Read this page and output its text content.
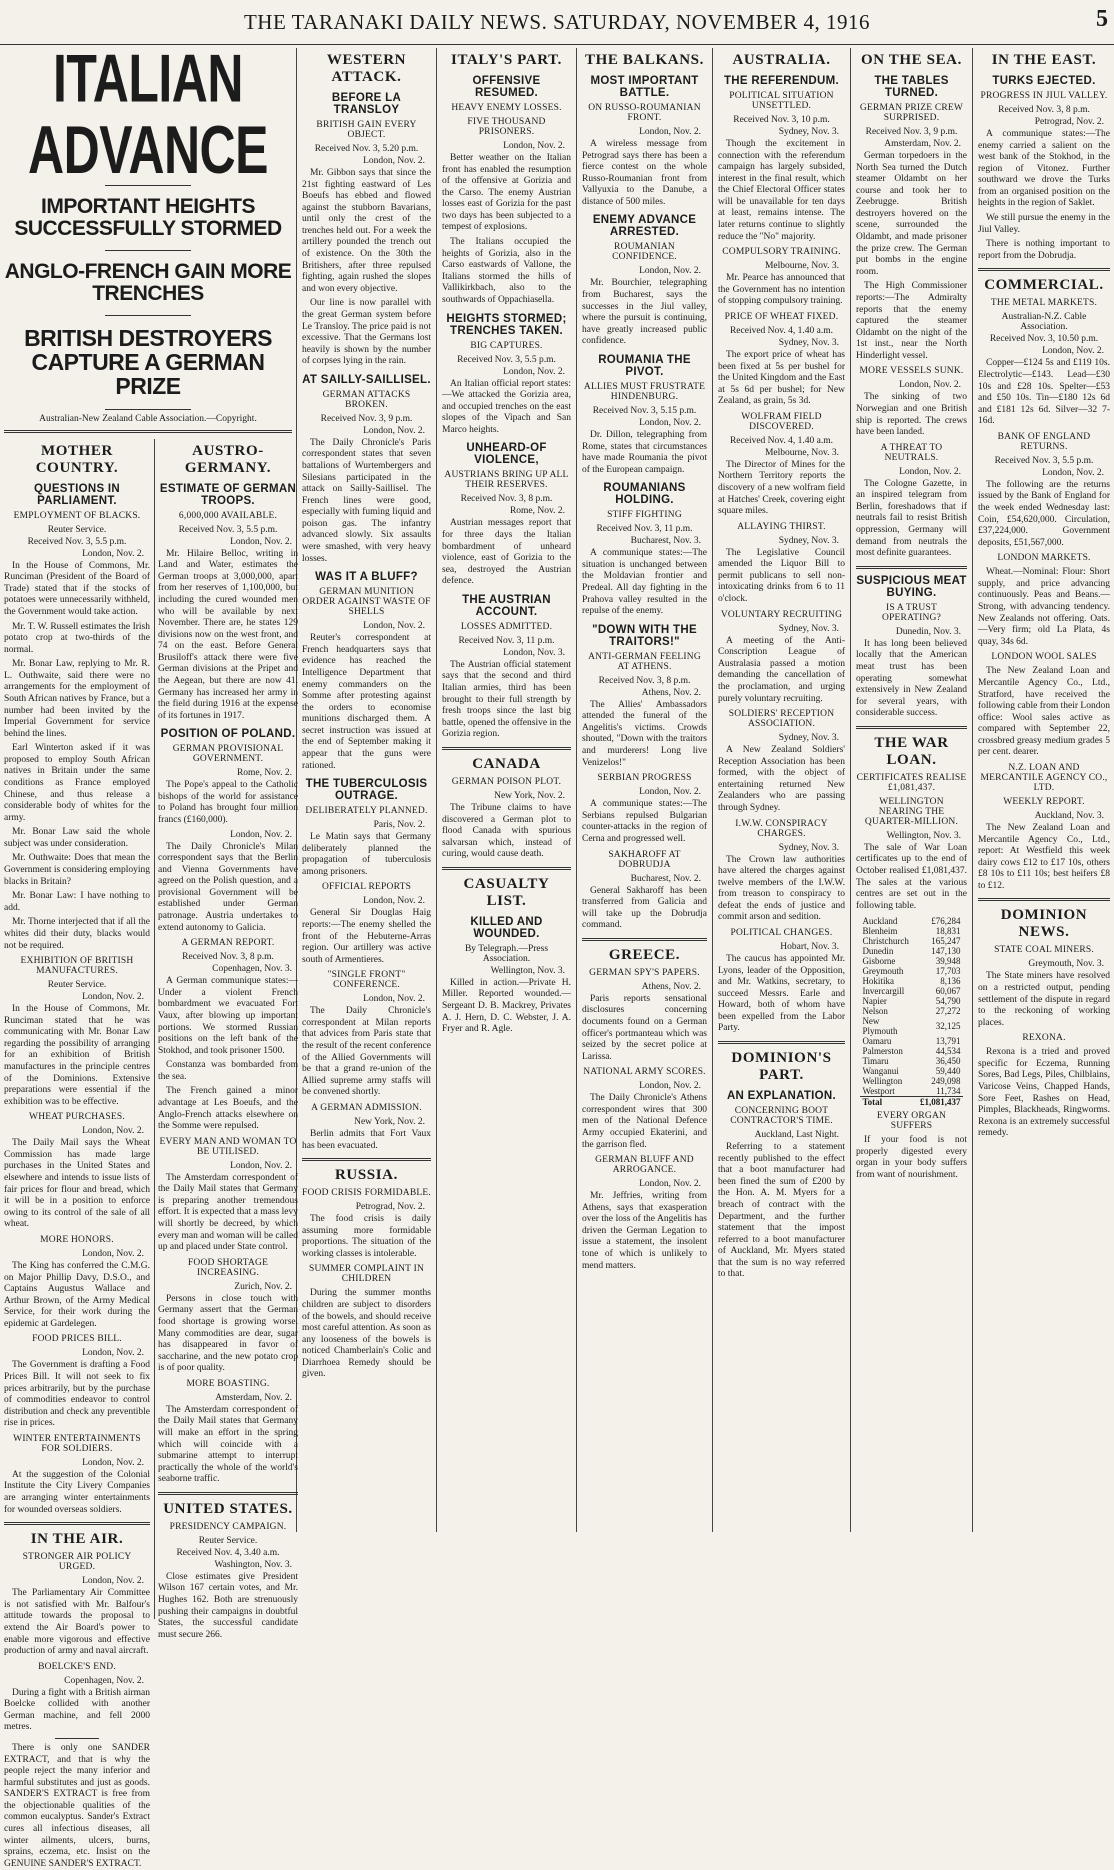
THE TARANAKI DAILY NEWS. SATURDAY, NOVEMBER 4, 1916	5
ITALIAN ADVANCE
IMPORTANT HEIGHTS SUCCESSFULLY STORMED
ANGLO-FRENCH GAIN MORE TRENCHES
BRITISH DESTROYERS CAPTURE A GERMAN PRIZE
Australian-New Zealand Cable Association.—Copyright.
MOTHER COUNTRY.
QUESTIONS IN PARLIAMENT.
EMPLOYMENT OF BLACKS.
Reuter Service.
Received Nov. 3, 5.5 p.m.
London, Nov. 2.

In the House of Commons, Mr. Runciman (President of the Board of Trade) stated that if the stocks of potatoes were unnecessarily withheld, the Government would take action.

Mr. T. W. Russell estimates the Irish potato crop at two-thirds of the normal.

Mr. Bonar Law, replying to Mr. R. L. Outhwaite, said there were no arrangements for the employment of South African natives by France, but a number had been invited by the Imperial Government for service behind the lines.

Earl Winterton asked if it was proposed to employ South African natives in Britain under the same conditions as France employed Chinese, and thus release a considerable body of whites for the army.

Mr. Bonar Law said the whole subject was under consideration.

Mr. Outhwaite: Does that mean the Government is considering employing blacks in Britain?

Mr. Bonar Law: I have nothing to add.

Mr. Thorne interjected that if all the whites did their duty, blacks would not be required.

EXHIBITION OF BRITISH MANUFACTURES.
Reuter Service.
London, Nov. 2.

In the House of Commons, Mr. Runciman stated that he was communicating with Mr. Bonar Law regarding the possibility of arranging for an exhibition of British manufactures in the principle centres of the Dominions. Extensive preparations were essential if the exhibition was to be effective.

WHEAT PURCHASES.
London, Nov. 2.

The Daily Mail says the Wheat Commission has made large purchases in the United States and elsewhere and intends to issue lists of fair prices for flour and bread, which it will be in a position to enforce owing to its control of the sale of all wheat.

MORE HONORS.
London, Nov. 2.

The King has conferred the C.M.G. on Major Phillip Davy, D.S.O., and Captains Augustus Wallace and Arthur Brown, of the Army Medical Service, for their work during the epidemic at Gardelegen.

FOOD PRICES BILL.
London, Nov. 2.

The Government is drafting a Food Prices Bill. It will not seek to fix prices arbitrarily, but by the purchase of commodities endeavor to control distribution and check any preventible rise in prices.

WINTER ENTERTAINMENTS FOR SOLDIERS.
London, Nov. 2.

At the suggestion of the Colonial Institute the City Livery Companies are arranging winter entertainments for wounded overseas soldiers.

IN THE AIR.
STRONGER AIR POLICY URGED.
London, Nov. 2.

The Parliamentary Air Committee is not satisfied with Mr. Balfour's attitude towards the proposal to extend the Air Board's power to enable more vigorous and effective production of army and naval aircraft.

BOELCKE'S END.
Copenhagen, Nov. 2.

During a fight with a British airman Boelcke collided with another German machine, and fell 2000 metres.

There is only one SANDER EXTRACT, and that is why the people reject the many inferior and harmful substitutes and just as goods. SANDER'S EXTRACT is free from the objectionable qualities of the common eucalyptus. Sander's Extract cures all infectious diseases, all winter ailments, ulcers, burns, sprains, eczema, etc. Insist on the GENUINE SANDER'S EXTRACT.

AUSTRO-GERMANY.
ESTIMATE OF GERMAN TROOPS.
6,000,000 AVAILABLE.
Received Nov. 3, 5.5 p.m.
London, Nov. 2.

Mr. Hilaire Belloc, writing in Land and Water, estimates the German troops at 3,000,000, apart from her reserves of 1,100,000, but including the cured wounded men who will be available by next November. There are, he states 129 divisions now on the west front, and 74 on the east. Before General Brusiloff's attack there were five German divisions at the Pripet and the Aegean, but there are now 41. Germany has increased her army in the field during 1916 at the expense of its fortunes in 1917.

POSITION OF POLAND.
GERMAN PROVISIONAL GOVERNMENT.
Rome, Nov. 2.

The Pope's appeal to the Catholic bishops of the world for assistance to Poland has brought four million francs (£160,000).

London, Nov. 2.

The Daily Chronicle's Milan correspondent says that the Berlin and Vienna Governments have agreed on the Polish question, and a provisional Government will be established under German patronage. Austria undertakes to extend autonomy to Galicia.

A GERMAN REPORT.
Received Nov. 3, 8 p.m.
Copenhagen, Nov. 3.

A German communique states:—Under a violent French bombardment we evacuated Fort Vaux, after blowing up important portions. We stormed Russian positions on the left bank of the Stokhod, and took prisoner 1500.

Constanza was bombarded from the sea.

The French gained a minor advantage at Les Boeufs, and the Anglo-French attacks elsewhere on the Somme were repulsed.

EVERY MAN AND WOMAN TO BE UTILISED.
London, Nov. 2.

The Amsterdam correspondent of the Daily Mail states that Germany is preparing another tremendous effort. It is expected that a mass levy will shortly be decreed, by which every man and woman will be called up and placed under State control.

FOOD SHORTAGE INCREASING.
Zurich, Nov. 2.

Persons in close touch with Germany assert that the German food shortage is growing worse. Many commodities are dear, sugar has disappeared in favor of saccharine, and the new potato crop is of poor quality.

MORE BOASTING.
Amsterdam, Nov. 2.

The Amsterdam correspondent of the Daily Mail states that Germany will make an effort in the spring which will coincide with a submarine attempt to interrupt practically the whole of the world's seaborne traffic.

UNITED STATES.
PRESIDENCY CAMPAIGN.
Reuter Service.
Received Nov. 4, 3.40 a.m.
Washington, Nov. 3.

Close estimates give President Wilson 167 certain votes, and Mr. Hughes 162. Both are strenuously pushing their campaigns in doubtful States, the successful candidate must secure 266.

WESTERN ATTACK.
BEFORE LA TRANSLOY
BRITISH GAIN EVERY OBJECT.
Received Nov. 3, 5.20 p.m.
London, Nov. 2.

Mr. Gibbon says that since the 21st fighting eastward of Les Boeufs has ebbed and flowed against the stubborn Bavarians, until only the crest of the trenches held out. For a week the artillery pounded the trench out of existence. On the 30th the Britishers, after three repulsed fighting, again rushed the slopes and won every objective.

Our line is now parallel with the great German system before Le Transloy. The price paid is not excessive. That the Germans lost heavily is shown by the number of corpses lying in the rain.

AT SAILLY-SAILLISEL.
GERMAN ATTACKS BROKEN.
Received Nov. 3, 9 p.m.
London, Nov. 2.

The Daily Chronicle's Paris correspondent states that seven battalions of Wurtembergers and Silesians participated in the attack on Sailly-Saillisel. The French lines were good, especially with fuming liquid and poison gas. The infantry advanced slowly. Six assaults were smashed, with very heavy losses.

WAS IT A BLUFF?
GERMAN MUNITION ORDER AGAINST WASTE OF SHELLS
London, Nov. 2.

Reuter's correspondent at French headquarters says that evidence has reached the Intelligence Department that enemy commanders on the Somme after protesting against the orders to economise munitions discharged them. A secret instruction was issued at the end of September making it appear that the guns were rationed.

THE TUBERCULOSIS OUTRAGE.
DELIBERATELY PLANNED.
Paris, Nov. 2.

Le Matin says that Germany deliberately planned the propagation of tuberculosis among prisoners.

OFFICIAL REPORTS
London, Nov. 2.

General Sir Douglas Haig reports:—The enemy shelled the front of the Hebuterne-Arras region. Our artillery was active south of Armentieres.

"SINGLE FRONT" CONFERENCE.
London, Nov. 2.

The Daily Chronicle's correspondent at Milan reports that advices from Paris state that the result of the recent conference of the Allied Governments will be that a grand re-union of the Allied supreme army staffs will be convened shortly.

A GERMAN ADMISSION.
New York, Nov. 2.

Berlin admits that Fort Vaux has been evacuated.

RUSSIA.
FOOD CRISIS FORMIDABLE.
Petrograd, Nov. 2.

The food crisis is daily assuming more formidable proportions. The situation of the working classes is intolerable.

SUMMER COMPLAINT IN CHILDREN

During the summer months children are subject to disorders of the bowels, and should receive most careful attention. As soon as any looseness of the bowels is noticed Chamberlain's Colic and Diarrhoea Remedy should be given.

ITALY'S PART.
OFFENSIVE RESUMED.
HEAVY ENEMY LOSSES.
FIVE THOUSAND PRISONERS.
London, Nov. 2.

Better weather on the Italian front has enabled the resumption of the offensive at Gorizia and the Carso. The enemy Austrian losses east of Gorizia for the past two days has been subjected to a tempest of explosions.

The Italians occupied the heights of Gorizia, also in the Carso eastwards of Vallone, the Italians stormed the hills of Vallikirkbach, also to the southwards of Oppachiasella.

HEIGHTS STORMED; TRENCHES TAKEN.
BIG CAPTURES.
Received Nov. 3, 5.5 p.m.
London, Nov. 2.

An Italian official report states:—We attacked the Gorizia area, and occupied trenches on the east slopes of the Vipach and San Marco heights.

UNHEARD-OF VIOLENCE,
AUSTRIANS BRING UP ALL THEIR RESERVES.
Received Nov. 3, 8 p.m.
Rome, Nov. 2.

Austrian messages report that for three days the Italian bombardment of unheard violence, east of Gorizia to the sea, destroyed the Austrian defence.

THE AUSTRIAN ACCOUNT.
LOSSES ADMITTED.
Received Nov. 3, 11 p.m.
London, Nov. 3.

The Austrian official statement says that the second and third Italian armies, third has been brought to their full strength by fresh troops since the last big battle, opened the offensive in the Gorizia region.

CANADA
GERMAN POISON PLOT.
New York, Nov. 2.

The Tribune claims to have discovered a German plot to flood Canada with spurious salvarsan which, instead of curing, would cause death.

CASUALTY LIST.
KILLED AND WOUNDED.
By Telegraph.—Press Association.
Wellington, Nov. 3.

Killed in action.—Private H. Miller. Reported wounded.—Sergeant D. B. Mackrey, Privates A. J. Hern, D. C. Webster, J. A. Fryer and R. Agle.

THE BALKANS.
MOST IMPORTANT BATTLE.
ON RUSSO-ROUMANIAN FRONT.
London, Nov. 2.

A wireless message from Petrograd says there has been a fierce contest on the whole Russo-Roumanian front from Vallyuxia to the Danube, a distance of 500 miles.

ENEMY ADVANCE ARRESTED.
ROUMANIAN CONFIDENCE.
London, Nov. 2.

Mr. Bourchier, telegraphing from Bucharest, says the successes in the Jiul valley, where the pursuit is continuing, have greatly increased public confidence.

ROUMANIA THE PIVOT.
ALLIES MUST FRUSTRATE HINDENBURG.
Received Nov. 3, 5.15 p.m.
London, Nov. 2.

Dr. Dillon, telegraphing from Rome, states that circumstances have made Roumania the pivot of the European campaign.

ROUMANIANS HOLDING.
STIFF FIGHTING
Received Nov. 3, 11 p.m.
Bucharest, Nov. 3.

A communique states:—The situation is unchanged between the Moldavian frontier and Predeal. All day fighting in the Prahova valley resulted in the repulse of the enemy.

"DOWN WITH THE TRAITORS!"
ANTI-GERMAN FEELING AT ATHENS.
Received Nov. 3, 8 p.m.
Athens, Nov. 2.

The Allies' Ambassadors attended the funeral of the Angelitis's victims. Crowds shouted, "Down with the traitors and murderers! Long live Venizelos!"

SERBIAN PROGRESS
London, Nov. 2.

A communique states:—The Serbians repulsed Bulgarian counter-attacks in the region of Cerna and progressed well.

SAKHAROFF AT DOBRUDJA
Bucharest, Nov. 2.

General Sakharoff has been transferred from Galicia and will take up the Dobrudja command.

GREECE.
GERMAN SPY'S PAPERS.
Athens, Nov. 2.

Paris reports sensational disclosures concerning documents found on a German officer's portmanteau which was seized by the secret police at Larissa.

NATIONAL ARMY SCORES.
London, Nov. 2.

The Daily Chronicle's Athens correspondent wires that 300 men of the National Defence Army occupied Ekaterini, and the garrison fled.

GERMAN BLUFF AND ARROGANCE.
London, Nov. 2.

Mr. Jeffries, writing from Athens, says that exasperation over the loss of the Angelitis has driven the German Legation to issue a statement, the insolent tone of which is unlikely to mend matters.

AUSTRALIA.
THE REFERENDUM.
POLITICAL SITUATION UNSETTLED.
Received Nov. 3, 10 p.m.
Sydney, Nov. 3.

Though the excitement in connection with the referendum campaign has largely subsided, interest in the final result, which the Chief Electoral Officer states will be unavailable for ten days at least, remains intense. The later returns continue to slightly reduce the "No" majority.

COMPULSORY TRAINING.
Melbourne, Nov. 3.

Mr. Pearce has announced that the Government has no intention of stopping compulsory training.

PRICE OF WHEAT FIXED.
Received Nov. 4, 1.40 a.m.
Sydney, Nov. 3.

The export price of wheat has been fixed at 5s per bushel for the United Kingdom and the East at 5s 6d per bushel; for New Zealand, as grain, 5s 3d.

WOLFRAM FIELD DISCOVERED.
Received Nov. 4, 1.40 a.m.
Melbourne, Nov. 3.

The Director of Mines for the Northern Territory reports the discovery of a new wolfram field at Hatches' Creek, covering eight square miles.

ALLAYING THIRST.
Sydney, Nov. 3.

The Legislative Council amended the Liquor Bill to permit publicans to sell non-intoxicating drinks from 6 to 11 o'clock.

VOLUNTARY RECRUITING
Sydney, Nov. 3.

A meeting of the Anti-Conscription League of Australasia passed a motion demanding the cancellation of the proclamation, and urging purely voluntary recruiting.

SOLDIERS' RECEPTION ASSOCIATION.
Sydney, Nov. 3.

A New Zealand Soldiers' Reception Association has been formed, with the object of entertaining returned New Zealanders who are passing through Sydney.

I.W.W. CONSPIRACY CHARGES.
Sydney, Nov. 3.

The Crown law authorities have altered the charges against twelve members of the I.W.W. from treason to conspiracy to defeat the ends of justice and commit arson and sedition.

POLITICAL CHANGES.
Hobart, Nov. 3.

The caucus has appointed Mr. Lyons, leader of the Opposition, and Mr. Watkins, secretary, to succeed Messrs. Earle and Howard, both of whom have been expelled from the Labor Party.

DOMINION'S PART.
AN EXPLANATION.
CONCERNING BOOT CONTRACTOR'S TIME.
Auckland, Last Night.

Referring to a statement recently published to the effect that a boot manufacturer had been fined the sum of £200 by the Hon. A. M. Myers for a breach of contract with the Department, and the further statement that the impost referred to a boot manufacturer of Auckland, Mr. Myers stated that the sum is no way referred to that.

ON THE SEA.
THE TABLES TURNED.
GERMAN PRIZE CREW SURPRISED.
Received Nov. 3, 9 p.m.
Amsterdam, Nov. 2.

German torpedoers in the North Sea turned the Dutch steamer Oldambt on her course and took her to Zeebrugge. British destroyers hovered on the scene, surrounded the Oldambt, and made prisoner the prize crew. The German put bombs in the engine room.

The High Commissioner reports:—The Admiralty reports that the enemy captured the steamer Oldambt on the night of the 1st inst., near the North Hinderlight vessel.

MORE VESSELS SUNK.
London, Nov. 2.

The sinking of two Norwegian and one British ship is reported. The crews have been landed.

A THREAT TO NEUTRALS.
London, Nov. 2.

The Cologne Gazette, in an inspired telegram from Berlin, foreshadows that if neutrals fail to resist British oppression, Germany will demand from neutrals the most definite guarantees.

SUSPICIOUS MEAT BUYING.
IS A TRUST OPERATING?
Dunedin, Nov. 3.

It has long been believed locally that the American meat trust has been operating somewhat extensively in New Zealand for several years, with considerable success.

THE WAR LOAN.
CERTIFICATES REALISE £1,081,437.
WELLINGTON NEARING THE QUARTER-MILLION.
Wellington, Nov. 3.

The sale of War Loan certificates up to the end of October realised £1,081,437. The sales at the various centres are set out in the following table.

Auckland	£76,284
Blenheim	18,831
Christchurch	165,247
Dunedin	147,130
Gisborne	39,948
Greymouth	17,703
Hokitika	8,136
Invercargill	60,067
Napier	54,790
Nelson	27,272
New Plymouth	32,125
Oamaru	13,791
Palmerston	44,534
Timaru	36,450
Wanganui	59,440
Wellington	249,098
Westport	11,734
Total	£1,081,437
EVERY ORGAN SUFFERS

If your food is not properly digested every organ in your body suffers from want of nourishment.

IN THE EAST.
TURKS EJECTED.
PROGRESS IN JIUL VALLEY.
Received Nov. 3, 8 p.m.
Petrograd, Nov. 2.

A communique states:—The enemy carried a salient on the west bank of the Stokhod, in the region of Vitonez. Further southward we drove the Turks from an organised position on the heights in the region of Saklet.

We still pursue the enemy in the Jiul Valley.

There is nothing important to report from the Dobrudja.

COMMERCIAL.
THE METAL MARKETS.
Australian-N.Z. Cable Association.
Received Nov. 3, 10.50 p.m.
London, Nov. 2.

Copper—£124 5s and £119 10s. Electrolytic—£143. Lead—£30 10s and £28 10s. Spelter—£53 and £50 10s. Tin—£180 12s 6d and £181 12s 6d. Silver—32 7-16d.

BANK OF ENGLAND RETURNS.
Received Nov. 3, 5.5 p.m.
London, Nov. 2.

The following are the returns issued by the Bank of England for the week ended Wednesday last: Coin, £54,620,000. Circulation, £37,224,000. Government deposits, £51,567,000.

LONDON MARKETS.

Wheat.—Nominal: Flour: Short supply, and price advancing continuously. Peas and Beans.—Strong, with advancing tendency. New Zealands not offering. Oats.—Very firm; old La Plata, 4s quay, 34s 6d.

LONDON WOOL SALES

The New Zealand Loan and Mercantile Agency Co., Ltd., Stratford, have received the following cable from their London office: Wool sales active as compared with September 22, crossbred greasy medium grades 5 per cent. dearer.

N.Z. LOAN AND MERCANTILE AGENCY CO., LTD.
WEEKLY REPORT.
Auckland, Nov. 3.

The New Zealand Loan and Mercantile Agency Co., Ltd., report: At Westfield this week dairy cows £12 to £17 10s, others £8 10s to £11 10s; best heifers £8 to £12.

DOMINION NEWS.
STATE COAL MINERS.
Greymouth, Nov. 3.

The State miners have resolved on a restricted output, pending settlement of the dispute in regard to the reckoning of working places.

REXONA.

Rexona is a tried and proved specific for Eczema, Running Sores, Bad Legs, Piles, Chilblains, Varicose Veins, Chapped Hands, Sore Feet, Rashes on Head, Pimples, Blackheads, Ringworms. Rexona is an extremely successful remedy.
